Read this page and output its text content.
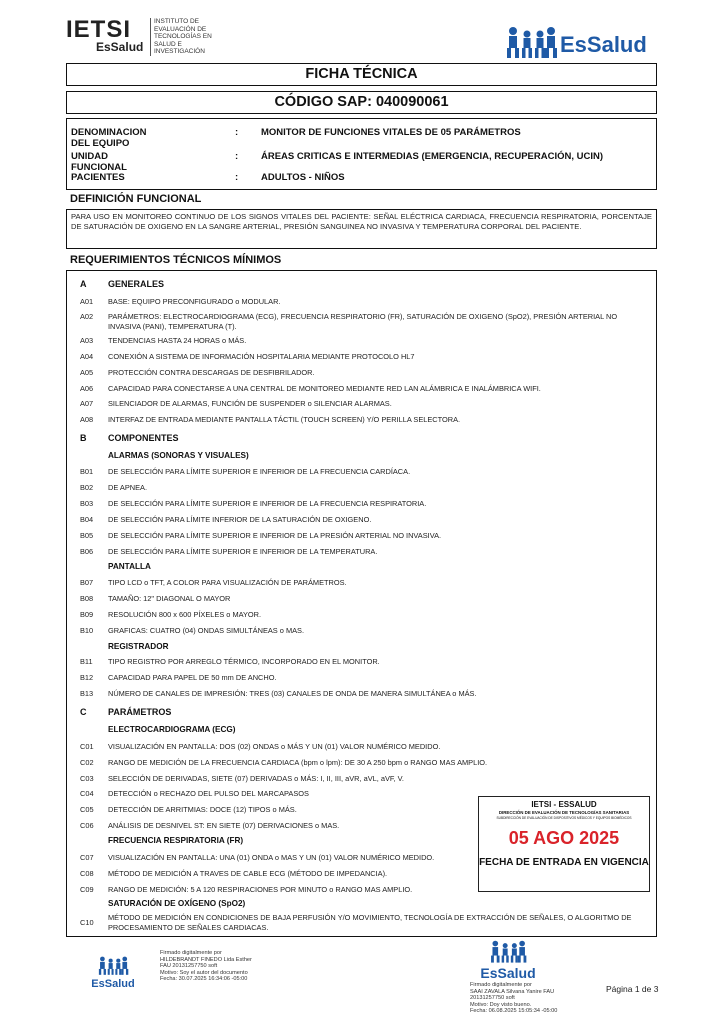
IETSI
EsSalud
INSTITUTO DE
EVALUACIÓN DE
TECNOLOGÍAS EN
SALUD E
INVESTIGACIÓN	EsSalud
FICHA TÉCNICA
CÓDIGO SAP: 040090061
DENOMINACION DEL EQUIPO
: MONITOR DE FUNCIONES VITALES DE 05 PARÁMETROS
UNIDAD FUNCIONAL
: ÁREAS CRITICAS E INTERMEDIAS (EMERGENCIA, RECUPERACIÓN, UCIN)
PACIENTES	: ADULTOS - NIÑOS
DEFINICIÓN FUNCIONAL
PARA USO EN MONITOREO CONTINUO DE LOS SIGNOS VITALES DEL PACIENTE: SEÑAL ELÉCTRICA CARDIACA, FRECUENCIA RESPIRATORIA, PORCENTAJE DE SATURACIÓN DE OXIGENO EN LA SANGRE ARTERIAL, PRESIÓN SANGUINEA NO INVASIVA Y TEMPERATURA CORPORAL DEL PACIENTE.
REQUERIMIENTOS TÉCNICOS MÍNIMOS
A GENERALES
A01	BASE: EQUIPO PRECONFIGURADO o MODULAR.
A02	PARÁMETROS: ELECTROCARDIOGRAMA (ECG), FRECUENCIA RESPIRATORIO (FR), SATURACIÓN DE OXIGENO (SpO2), PRESIÓN ARTERIAL NO INVASIVA (PANI), TEMPERATURA (T).
A03	TENDENCIAS HASTA 24 HORAS o MÁS.
A04	CONEXIÓN A SISTEMA DE INFORMACIÓN HOSPITALARIA MEDIANTE PROTOCOLO HL7
A05	PROTECCIÓN CONTRA DESCARGAS DE DESFIBRILADOR.
A06	CAPACIDAD PARA CONECTARSE A UNA CENTRAL DE MONITOREO MEDIANTE RED LAN ALÁMBRICA E INALÁMBRICA WIFI.
A07	SILENCIADOR DE ALARMAS, FUNCIÓN DE SUSPENDER o SILENCIAR ALARMAS.
A08	INTERFAZ DE ENTRADA MEDIANTE PANTALLA TÁCTIL (TOUCH SCREEN) Y/O PERILLA SELECTORA.
B COMPONENTES
ALARMAS (SONORAS Y VISUALES)
B01	DE SELECCIÓN PARA LÍMITE SUPERIOR E INFERIOR DE LA FRECUENCIA CARDÍACA.
B02	DE APNEA.
B03	DE SELECCIÓN PARA LÍMITE SUPERIOR E INFERIOR DE LA FRECUENCIA RESPIRATORIA.
B04	DE SELECCIÓN PARA LÍMITE INFERIOR DE LA SATURACIÓN DE OXIGENO.
B05	DE SELECCIÓN PARA LÍMITE SUPERIOR E INFERIOR DE LA PRESIÓN ARTERIAL NO INVASIVA.
B06	DE SELECCIÓN PARA LÍMITE SUPERIOR E INFERIOR DE LA TEMPERATURA.
PANTALLA
B07	TIPO LCD o TFT, A COLOR PARA VISUALIZACIÓN DE PARÁMETROS.
B08	TAMAÑO: 12" DIAGONAL O MAYOR
B09	RESOLUCIÓN 800 x 600 PÍXELES o MAYOR.
B10	GRAFICAS: CUATRO (04) ONDAS SIMULTÁNEAS o MAS.
REGISTRADOR
B11	TIPO REGISTRO POR ARREGLO TÉRMICO, INCORPORADO EN EL MONITOR.
B12	CAPACIDAD PARA PAPEL DE 50 mm DE ANCHO.
B13	NÚMERO DE CANALES DE IMPRESIÓN: TRES (03) CANALES DE ONDA DE MANERA SIMULTÁNEA o MÁS.
C PARÁMETROS
ELECTROCARDIOGRAMA (ECG)
C01	VISUALIZACIÓN EN PANTALLA: DOS (02) ONDAS o MÁS Y UN (01) VALOR NUMÉRICO MEDIDO.
C02	RANGO DE MEDICIÓN DE LA FRECUENCIA CARDIACA (bpm o lpm): DE 30 A 250 bpm o RANGO MAS AMPLIO.
C03	SELECCIÓN DE DERIVADAS, SIETE (07) DERIVADAS o MÁS: I, II, III, aVR, aVL, aVF, V.
C04	DETECCIÓN o RECHAZO DEL PULSO DEL MARCAPASOS
C05	DETECCIÓN DE ARRITMIAS: DOCE (12) TIPOS o MÁS.
C06	ANÁLISIS DE DESNIVEL ST: EN SIETE (07) DERIVACIONES o MAS.
FRECUENCIA RESPIRATORIA (FR)
C07	VISUALIZACIÓN EN PANTALLA: UNA (01) ONDA o MAS Y UN (01) VALOR NUMÉRICO MEDIDO.
C08	MÉTODO DE MEDICIÓN A TRAVES DE CABLE ECG (MÉTODO DE IMPEDANCIA).
C09	RANGO DE MEDICIÓN: 5 A 120 RESPIRACIONES POR MINUTO o RANGO MAS AMPLIO.
SATURACIÓN DE OXÍGENO (SpO2)
C10
MÉTODO DE MEDICIÓN EN CONDICIONES DE BAJA PERFUSIÓN Y/O MOVIMIENTO, TECNOLOGÍA DE EXTRACCIÓN DE SEÑALES, O ALGORITMO DE PROCESAMIENTO DE SEÑALES CARDIACAS.
IETSI - ESSALUD
DIRECCIÓN DE EVALUACIÓN DE TECNOLOGÍAS SANITARIAS
SUBDIRECCIÓN DE EVALUACIÓN DE DISPOSITIVOS MÉDICOS Y EQUIPOS BIOMÉDICOS
05 AGO 2025
FECHA DE ENTRADA EN VIGENCIA
EsSalud
Firmado digitalmente por
HILDEBRANDT FINEDO Lida Esther
FAU 20131257750 soft
Motivo: Soy el autor del documento
Fecha: 30.07.2025 16:34:06 -05:00	EsSalud
Firmado digitalmente por
SAAI ZAVALA Silvana Yanire FAU
20131257750 soft
Motivo: Doy visto bueno.
Fecha: 06.08.2025 15:05:34 -05:00
Página 1 de 3
